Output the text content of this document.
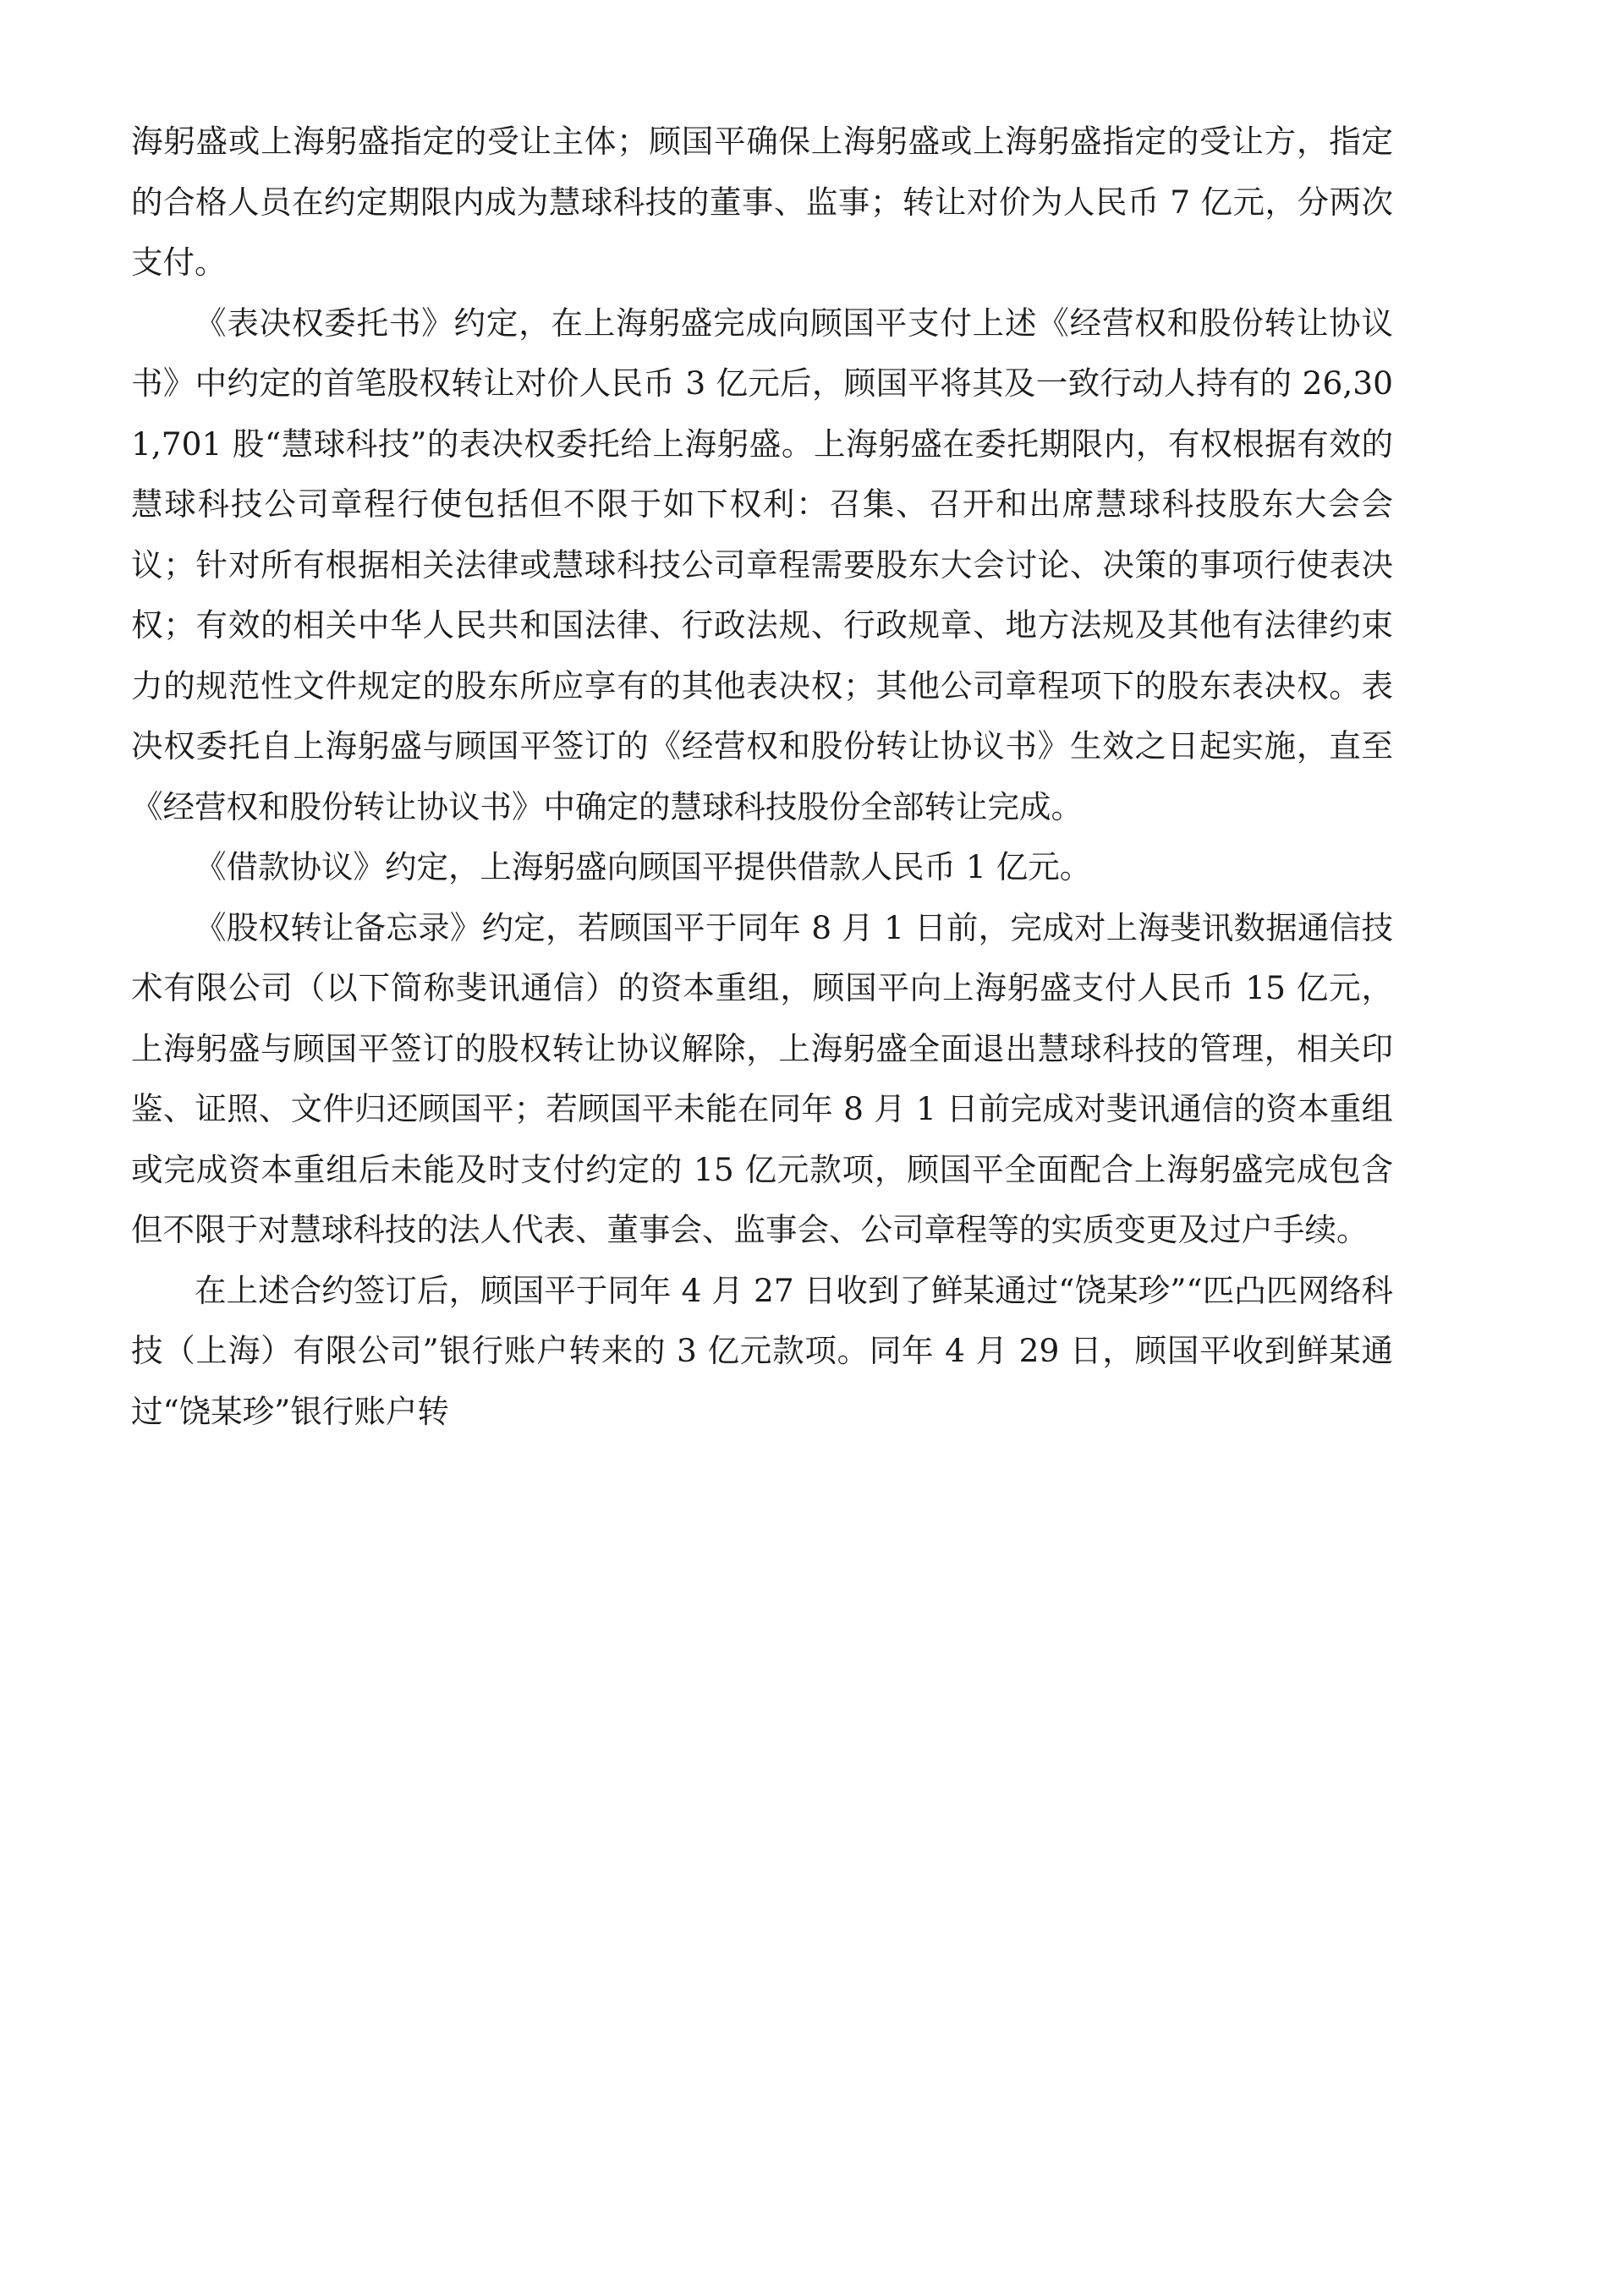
海躬盛或上海躬盛指定的受让主体；顾国平确保上海躬盛或上海躬盛指定的受让方，指定的合格人员在约定期限内成为慧球科技的董事、监事；转让对价为人民币 7 亿元，分两次支付。

《表决权委托书》约定，在上海躬盛完成向顾国平支付上述《经营权和股份转让协议书》中约定的首笔股权转让对价人民币 3 亿元后，顾国平将其及一致行动人持有的 26,301,701 股“慧球科技”的表决权委托给上海躬盛。上海躬盛在委托期限内，有权根据有效的慧球科技公司章程行使包括但不限于如下权利：召集、召开和出席慧球科技股东大会会议；针对所有根据相关法律或慧球科技公司章程需要股东大会讨论、决策的事项行使表决权；有效的相关中华人民共和国法律、行政法规、行政规章、地方法规及其他有法律约束力的规范性文件规定的股东所应享有的其他表决权；其他公司章程项下的股东表决权。表决权委托自上海躬盛与顾国平签订的《经营权和股份转让协议书》生效之日起实施，直至《经营权和股份转让协议书》中确定的慧球科技股份全部转让完成。

《借款协议》约定，上海躬盛向顾国平提供借款人民币 1 亿元。

《股权转让备忘录》约定，若顾国平于同年 8 月 1 日前，完成对上海斐讯数据通信技术有限公司（以下简称斐讯通信）的资本重组，顾国平向上海躬盛支付人民币 15 亿元，上海躬盛与顾国平签订的股权转让协议解除，上海躬盛全面退出慧球科技的管理，相关印鉴、证照、文件归还顾国平；若顾国平未能在同年 8 月 1 日前完成对斐讯通信的资本重组或完成资本重组后未能及时支付约定的 15 亿元款项，顾国平全面配合上海躬盛完成包含但不限于对慧球科技的法人代表、董事会、监事会、公司章程等的实质变更及过户手续。

在上述合约签订后，顾国平于同年 4 月 27 日收到了鲜某通过“饶某珍”“匹凸匹网络科技（上海）有限公司”银行账户转来的 3 亿元款项。同年 4 月 29 日，顾国平收到鲜某通过“饶某珍”银行账户转
